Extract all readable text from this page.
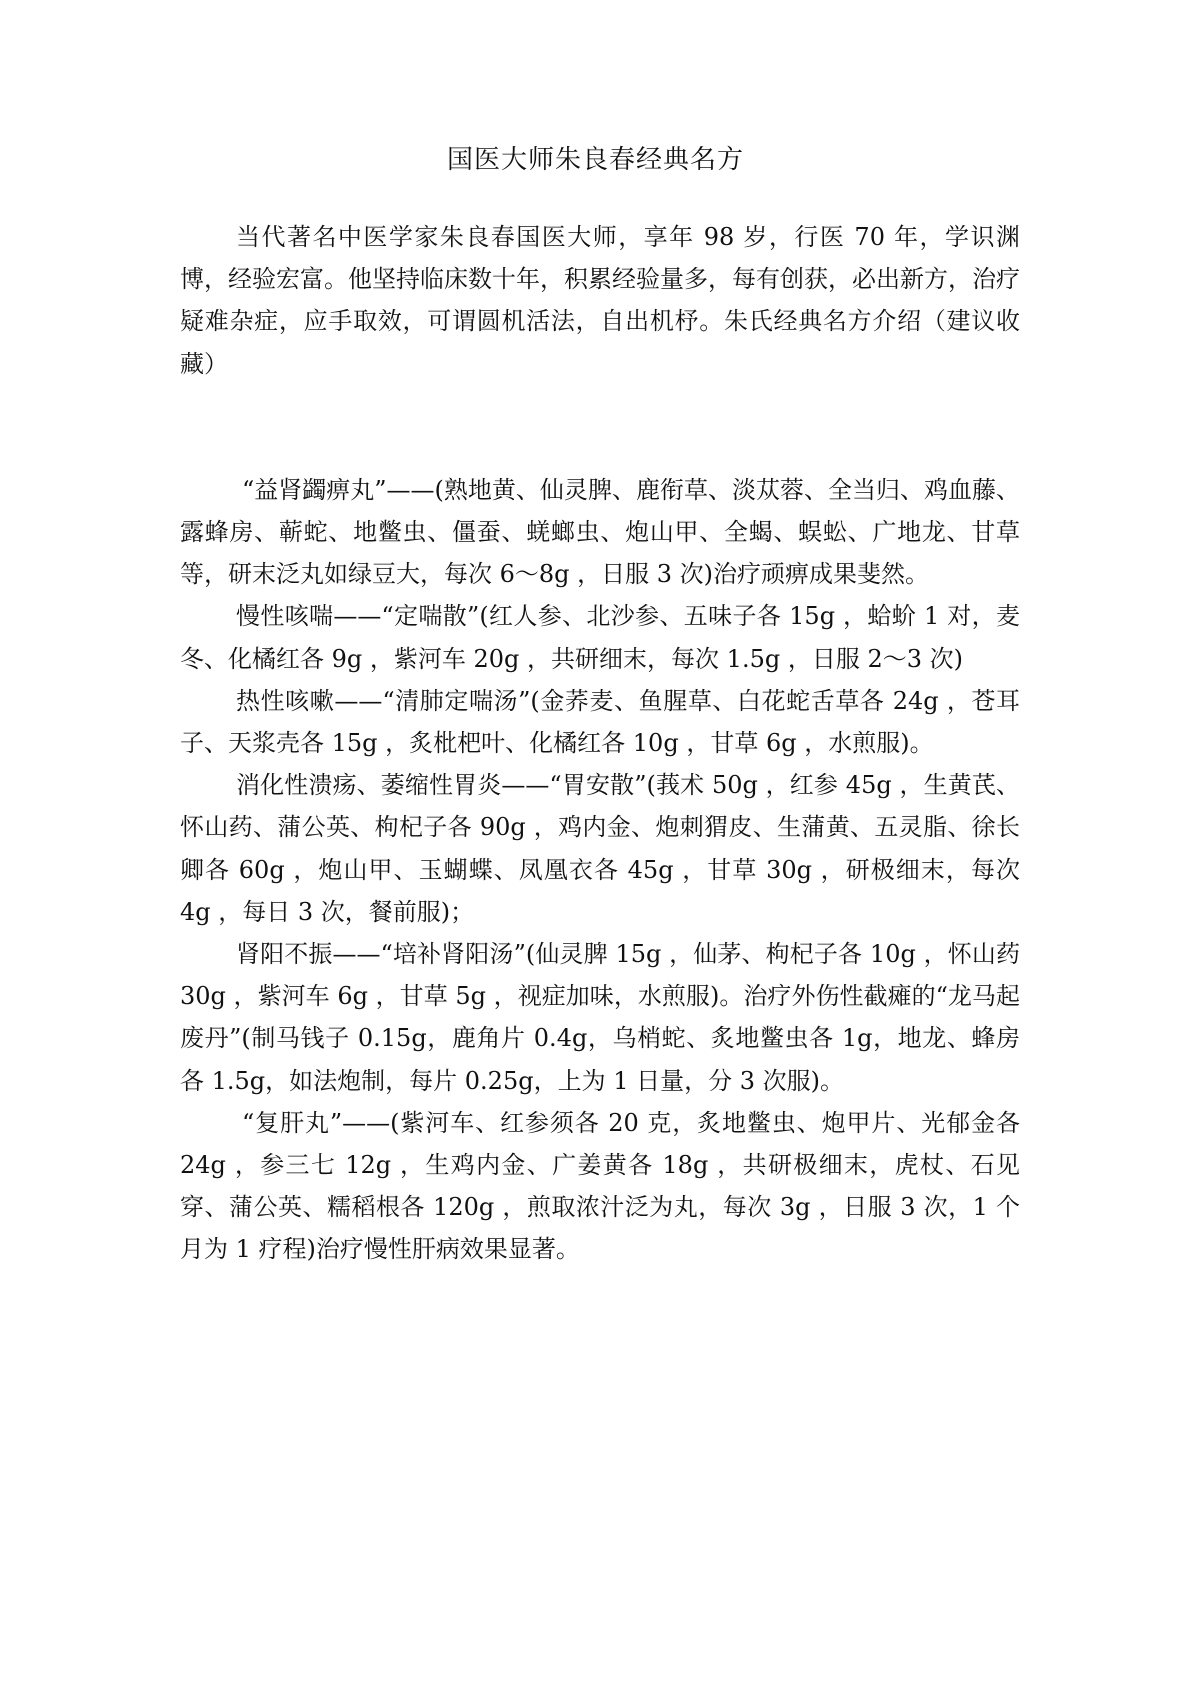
国医大师朱良春经典名方

当代著名中医学家朱良春国医大师，享年 98 岁，行医 70 年，学识渊博，经验宏富。他坚持临床数十年，积累经验量多，每有创获，必出新方，治疗疑难杂症，应手取效，可谓圆机活法，自出机杼。朱氏经典名方介绍（建议收藏）

“益肾蠲痹丸”——(熟地黄、仙灵脾、鹿衔草、淡苁蓉、全当归、鸡血藤、露蜂房、蕲蛇、地鳖虫、僵蚕、蜣螂虫、炮山甲、全蝎、蜈蚣、广地龙、甘草等，研末泛丸如绿豆大，每次 6～8g ，日服 3 次)治疗顽痹成果斐然。

慢性咳喘——“定喘散”(红人参、北沙参、五味子各 15g ，蛤蚧 1 对，麦冬、化橘红各 9g ，紫河车 20g ，共研细末，每次 1.5g ，日服 2～3 次)

热性咳嗽——“清肺定喘汤”(金荞麦、鱼腥草、白花蛇舌草各 24g ，苍耳子、天浆壳各 15g ，炙枇杷叶、化橘红各 10g ，甘草 6g ，水煎服)。

消化性溃疡、萎缩性胃炎——“胃安散”(莪术 50g ，红参 45g ，生黄芪、怀山药、蒲公英、枸杞子各 90g ，鸡内金、炮刺猬皮、生蒲黄、五灵脂、徐长卿各 60g ，炮山甲、玉蝴蝶、凤凰衣各 45g ，甘草 30g ，研极细末，每次 4g ，每日 3 次，餐前服)；

肾阳不振——“培补肾阳汤”(仙灵脾 15g ，仙茅、枸杞子各 10g ，怀山药 30g ，紫河车 6g ，甘草 5g ，视症加味，水煎服)。治疗外伤性截瘫的“龙马起废丹”(制马钱子 0.15g，鹿角片 0.4g，乌梢蛇、炙地鳖虫各 1g，地龙、蜂房各 1.5g，如法炮制，每片 0.25g，上为 1 日量，分 3 次服)。

“复肝丸”——(紫河车、红参须各 20 克，炙地鳖虫、炮甲片、光郁金各 24g ，参三七 12g ，生鸡内金、广姜黄各 18g ，共研极细末，虎杖、石见穿、蒲公英、糯稻根各 120g ，煎取浓汁泛为丸，每次 3g ，日服 3 次，1 个月为 1 疗程)治疗慢性肝病效果显著。
